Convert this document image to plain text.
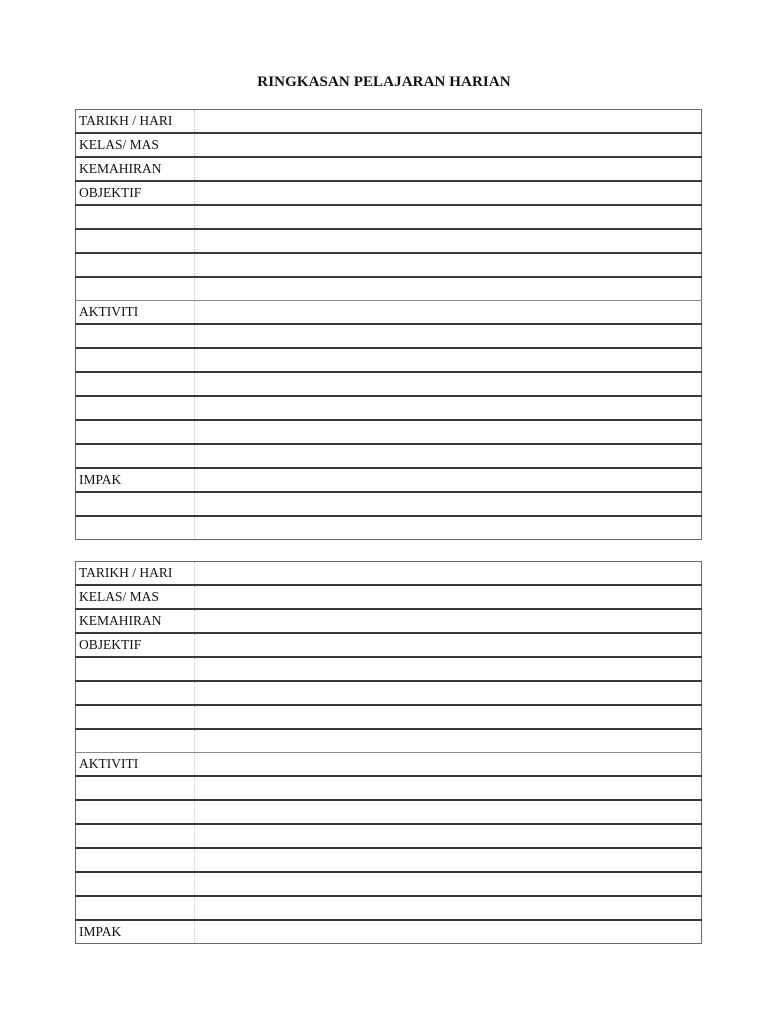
RINGKASAN PELAJARAN HARIAN
TARIKH / HARI	
KELAS/ MAS	
KEMAHIRAN	
OBJEKTIF	

AKTIVITI	

IMPAK	

TARIKH / HARI	
KELAS/ MAS	
KEMAHIRAN	
OBJEKTIF	

AKTIVITI	

IMPAK	
